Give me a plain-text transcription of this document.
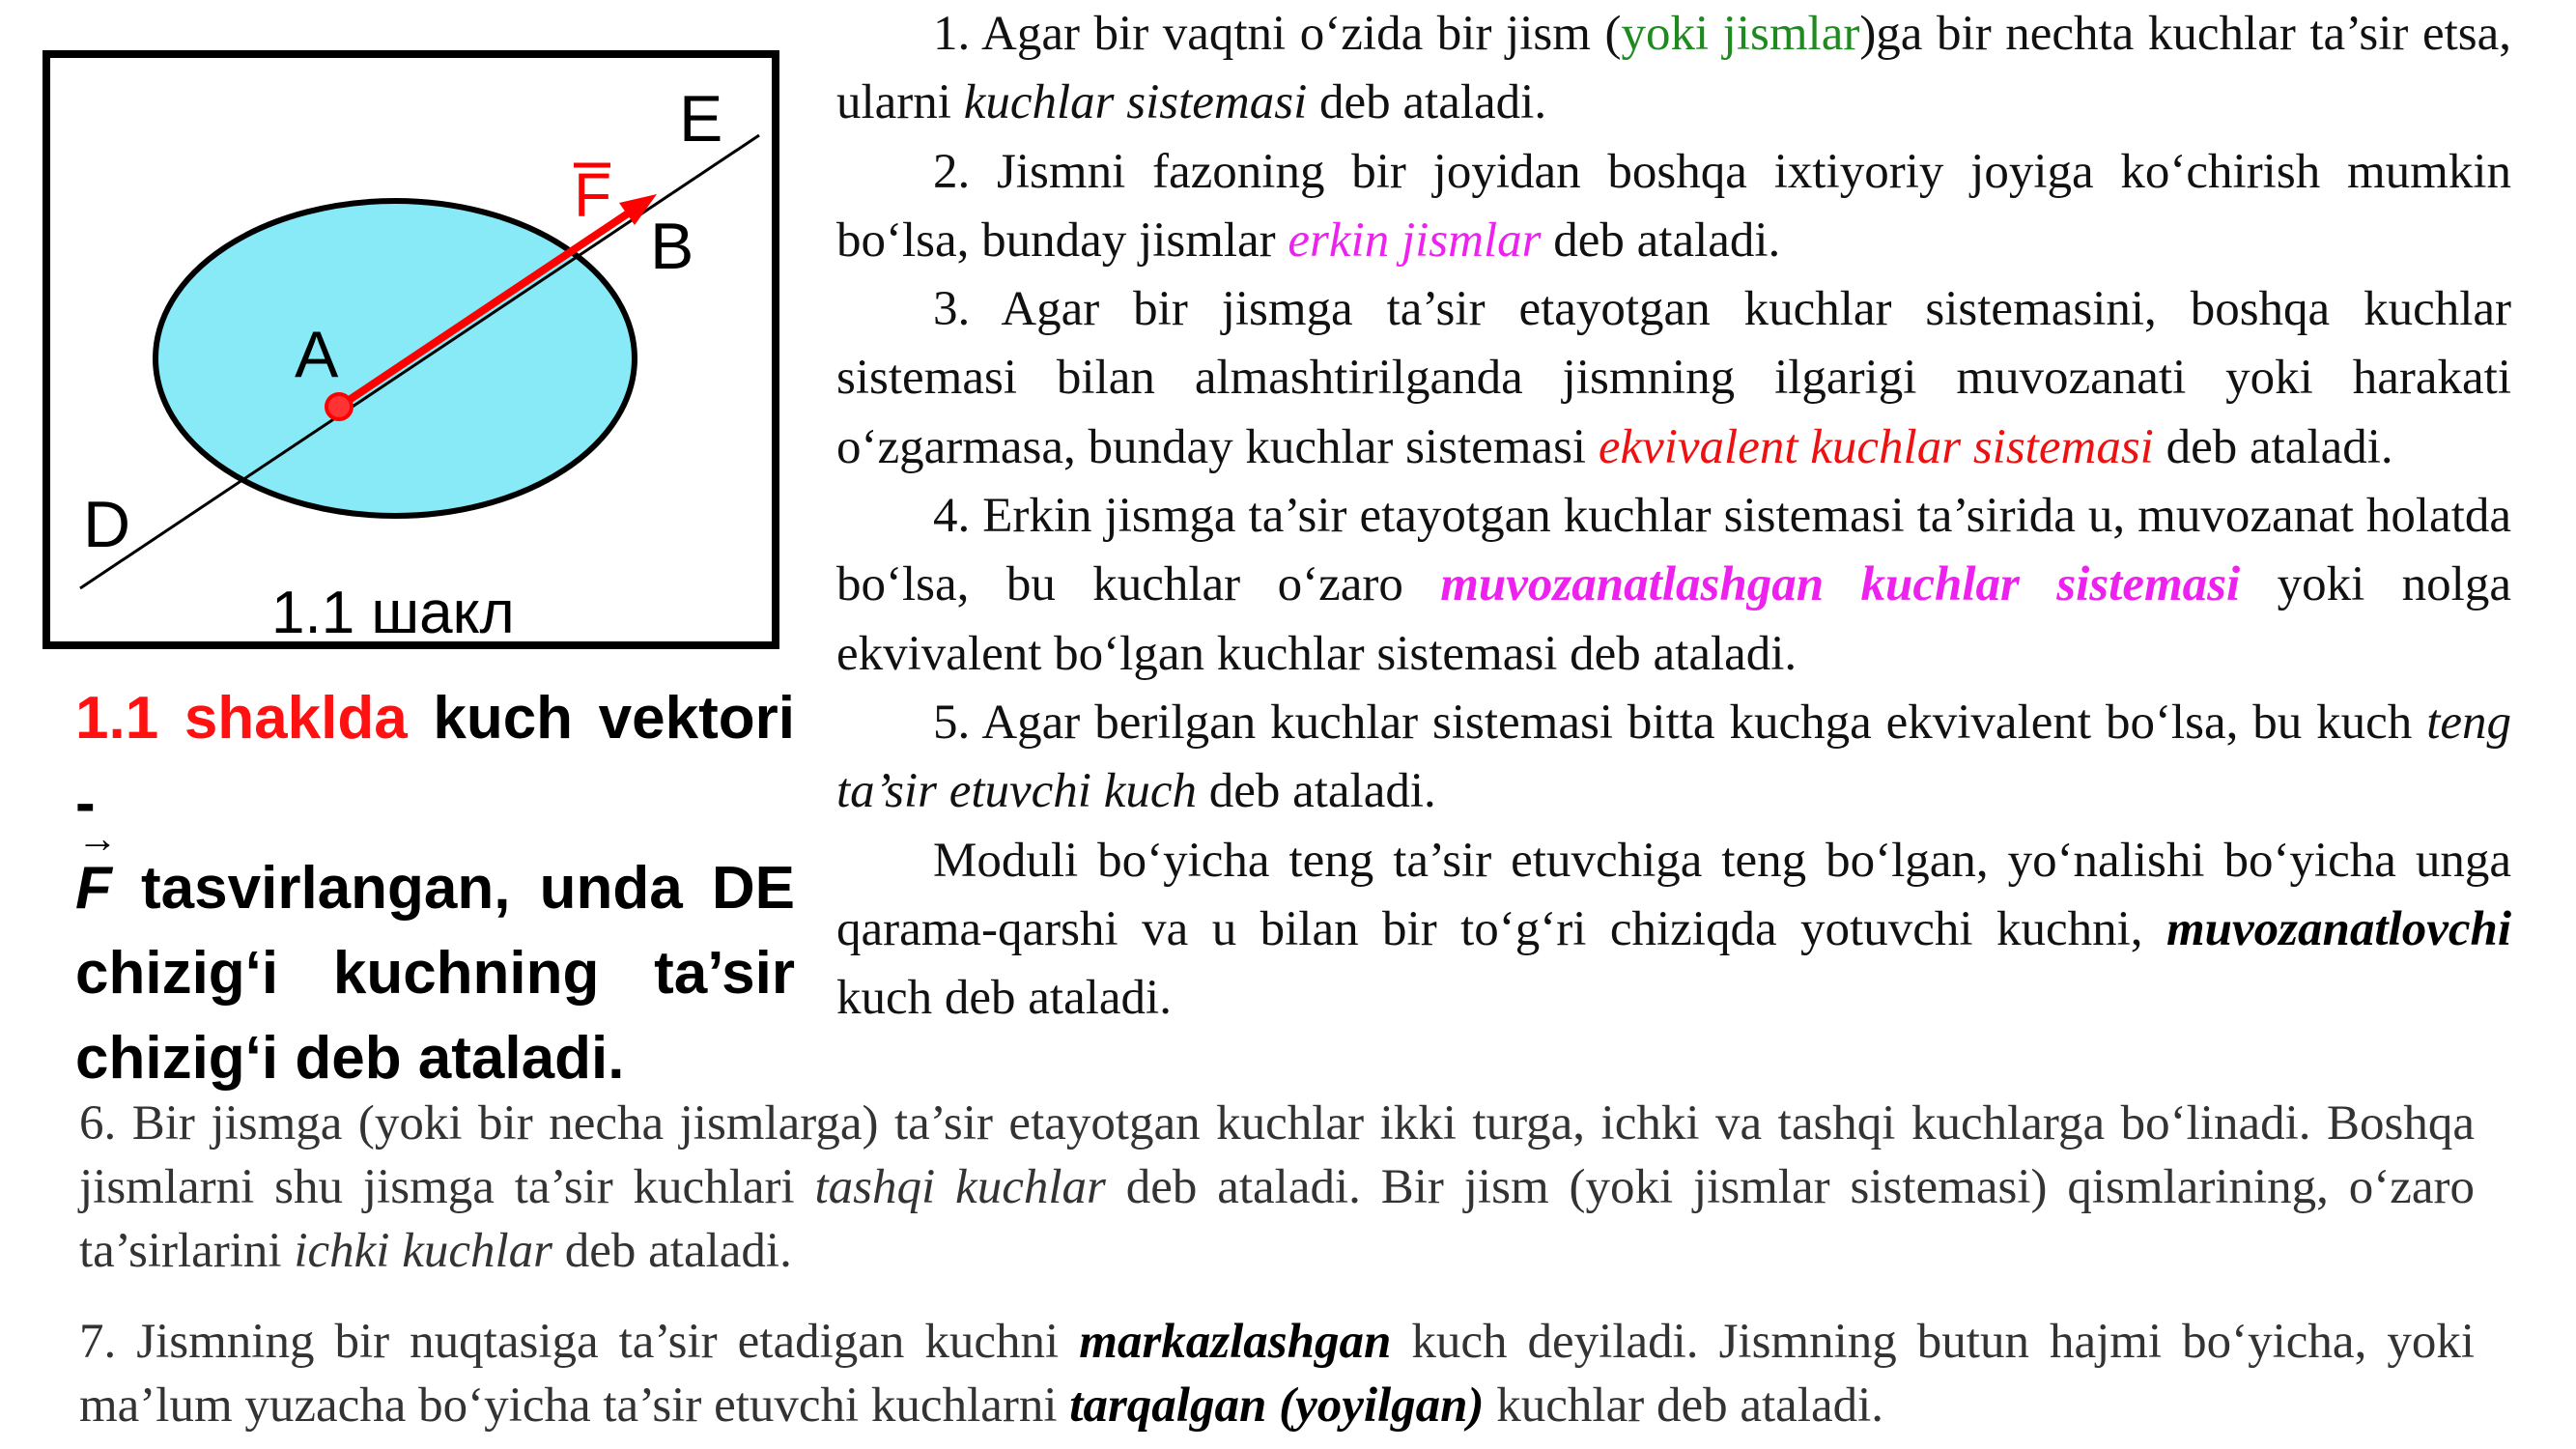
F
E
B
A
D
1.1 шакл
1.1 shaklda kuch vektori -
→ F tasvirlangan, unda DE chizig‘i kuchning ta’sir chizig‘i deb ataladi.

1. Agar bir vaqtni o‘zida bir jism (yoki jismlar)ga bir nechta kuchlar ta’sir etsa, ularni kuchlar sistemasi deb ataladi.

2. Jismni fazoning bir joyidan boshqa ixtiyoriy joyiga ko‘chirish mumkin bo‘lsa, bunday jismlar erkin jismlar deb ataladi.

3. Agar bir jismga ta’sir etayotgan kuchlar sistemasini, boshqa kuchlar sistemasi bilan almashtirilganda jismning ilgarigi muvozanati yoki harakati o‘zgarmasa, bunday kuchlar sistemasi ekvivalent kuchlar sistemasi deb ataladi.

4. Erkin jismga ta’sir etayotgan kuchlar sistemasi ta’sirida u, muvozanat holatda bo‘lsa, bu kuchlar o‘zaro muvozanatlashgan kuchlar sistemasi yoki nolga ekvivalent bo‘lgan kuchlar sistemasi deb ataladi.

5. Agar berilgan kuchlar sistemasi bitta kuchga ekvivalent bo‘lsa, bu kuch teng ta’sir etuvchi kuch deb ataladi.

Moduli bo‘yicha teng ta’sir etuvchiga teng bo‘lgan, yo‘nalishi bo‘yicha unga qarama-qarshi va u bilan bir to‘g‘ri chiziqda yotuvchi kuchni, muvozanatlovchi kuch deb ataladi.

6. Bir jismga (yoki bir necha jismlarga) ta’sir etayotgan kuchlar ikki turga, ichki va tashqi kuchlarga bo‘linadi. Boshqa jismlarni shu jismga ta’sir kuchlari tashqi kuchlar deb ataladi. Bir jism (yoki jismlar sistemasi) qismlarining, o‘zaro ta’sirlarini ichki kuchlar deb ataladi.

7. Jismning bir nuqtasiga ta’sir etadigan kuchni markazlashgan kuch deyiladi. Jismning butun hajmi bo‘yicha, yoki ma’lum yuzacha bo‘yicha ta’sir etuvchi kuchlarni tarqalgan (yoyilgan) kuchlar deb ataladi.
